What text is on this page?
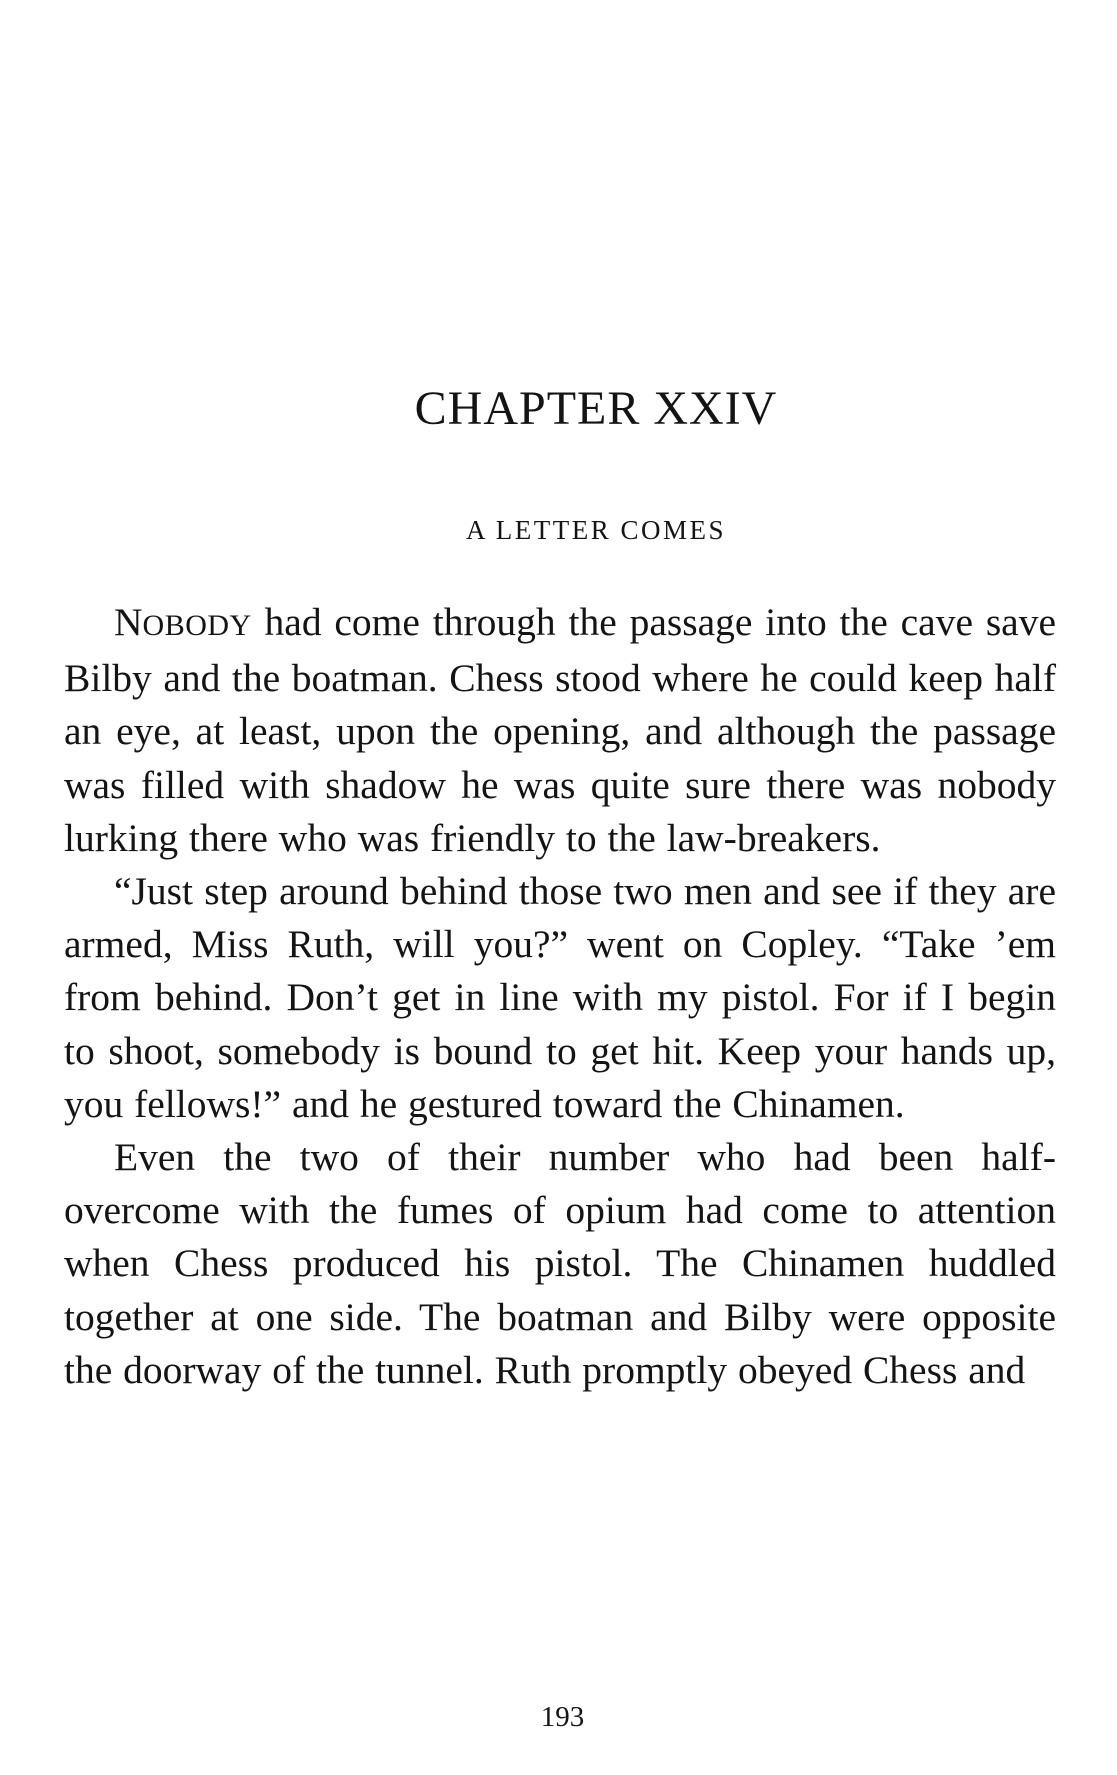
CHAPTER XXIV
A LETTER COMES

NOBODY had come through the passage into the cave save Bilby and the boatman. Chess stood where he could keep half an eye, at least, upon the opening, and although the passage was filled with shadow he was quite sure there was nobody lurking there who was friendly to the law-breakers.

“Just step around behind those two men and see if they are armed, Miss Ruth, will you?” went on Copley. “Take ’em from behind. Don’t get in line with my pistol. For if I begin to shoot, somebody is bound to get hit. Keep your hands up, you fellows!” and he gestured toward the Chinamen.

Even the two of their number who had been half-overcome with the fumes of opium had come to attention when Chess produced his pistol. The Chinamen huddled together at one side. The boatman and Bilby were opposite the doorway of the tunnel. Ruth promptly obeyed Chess and

193
